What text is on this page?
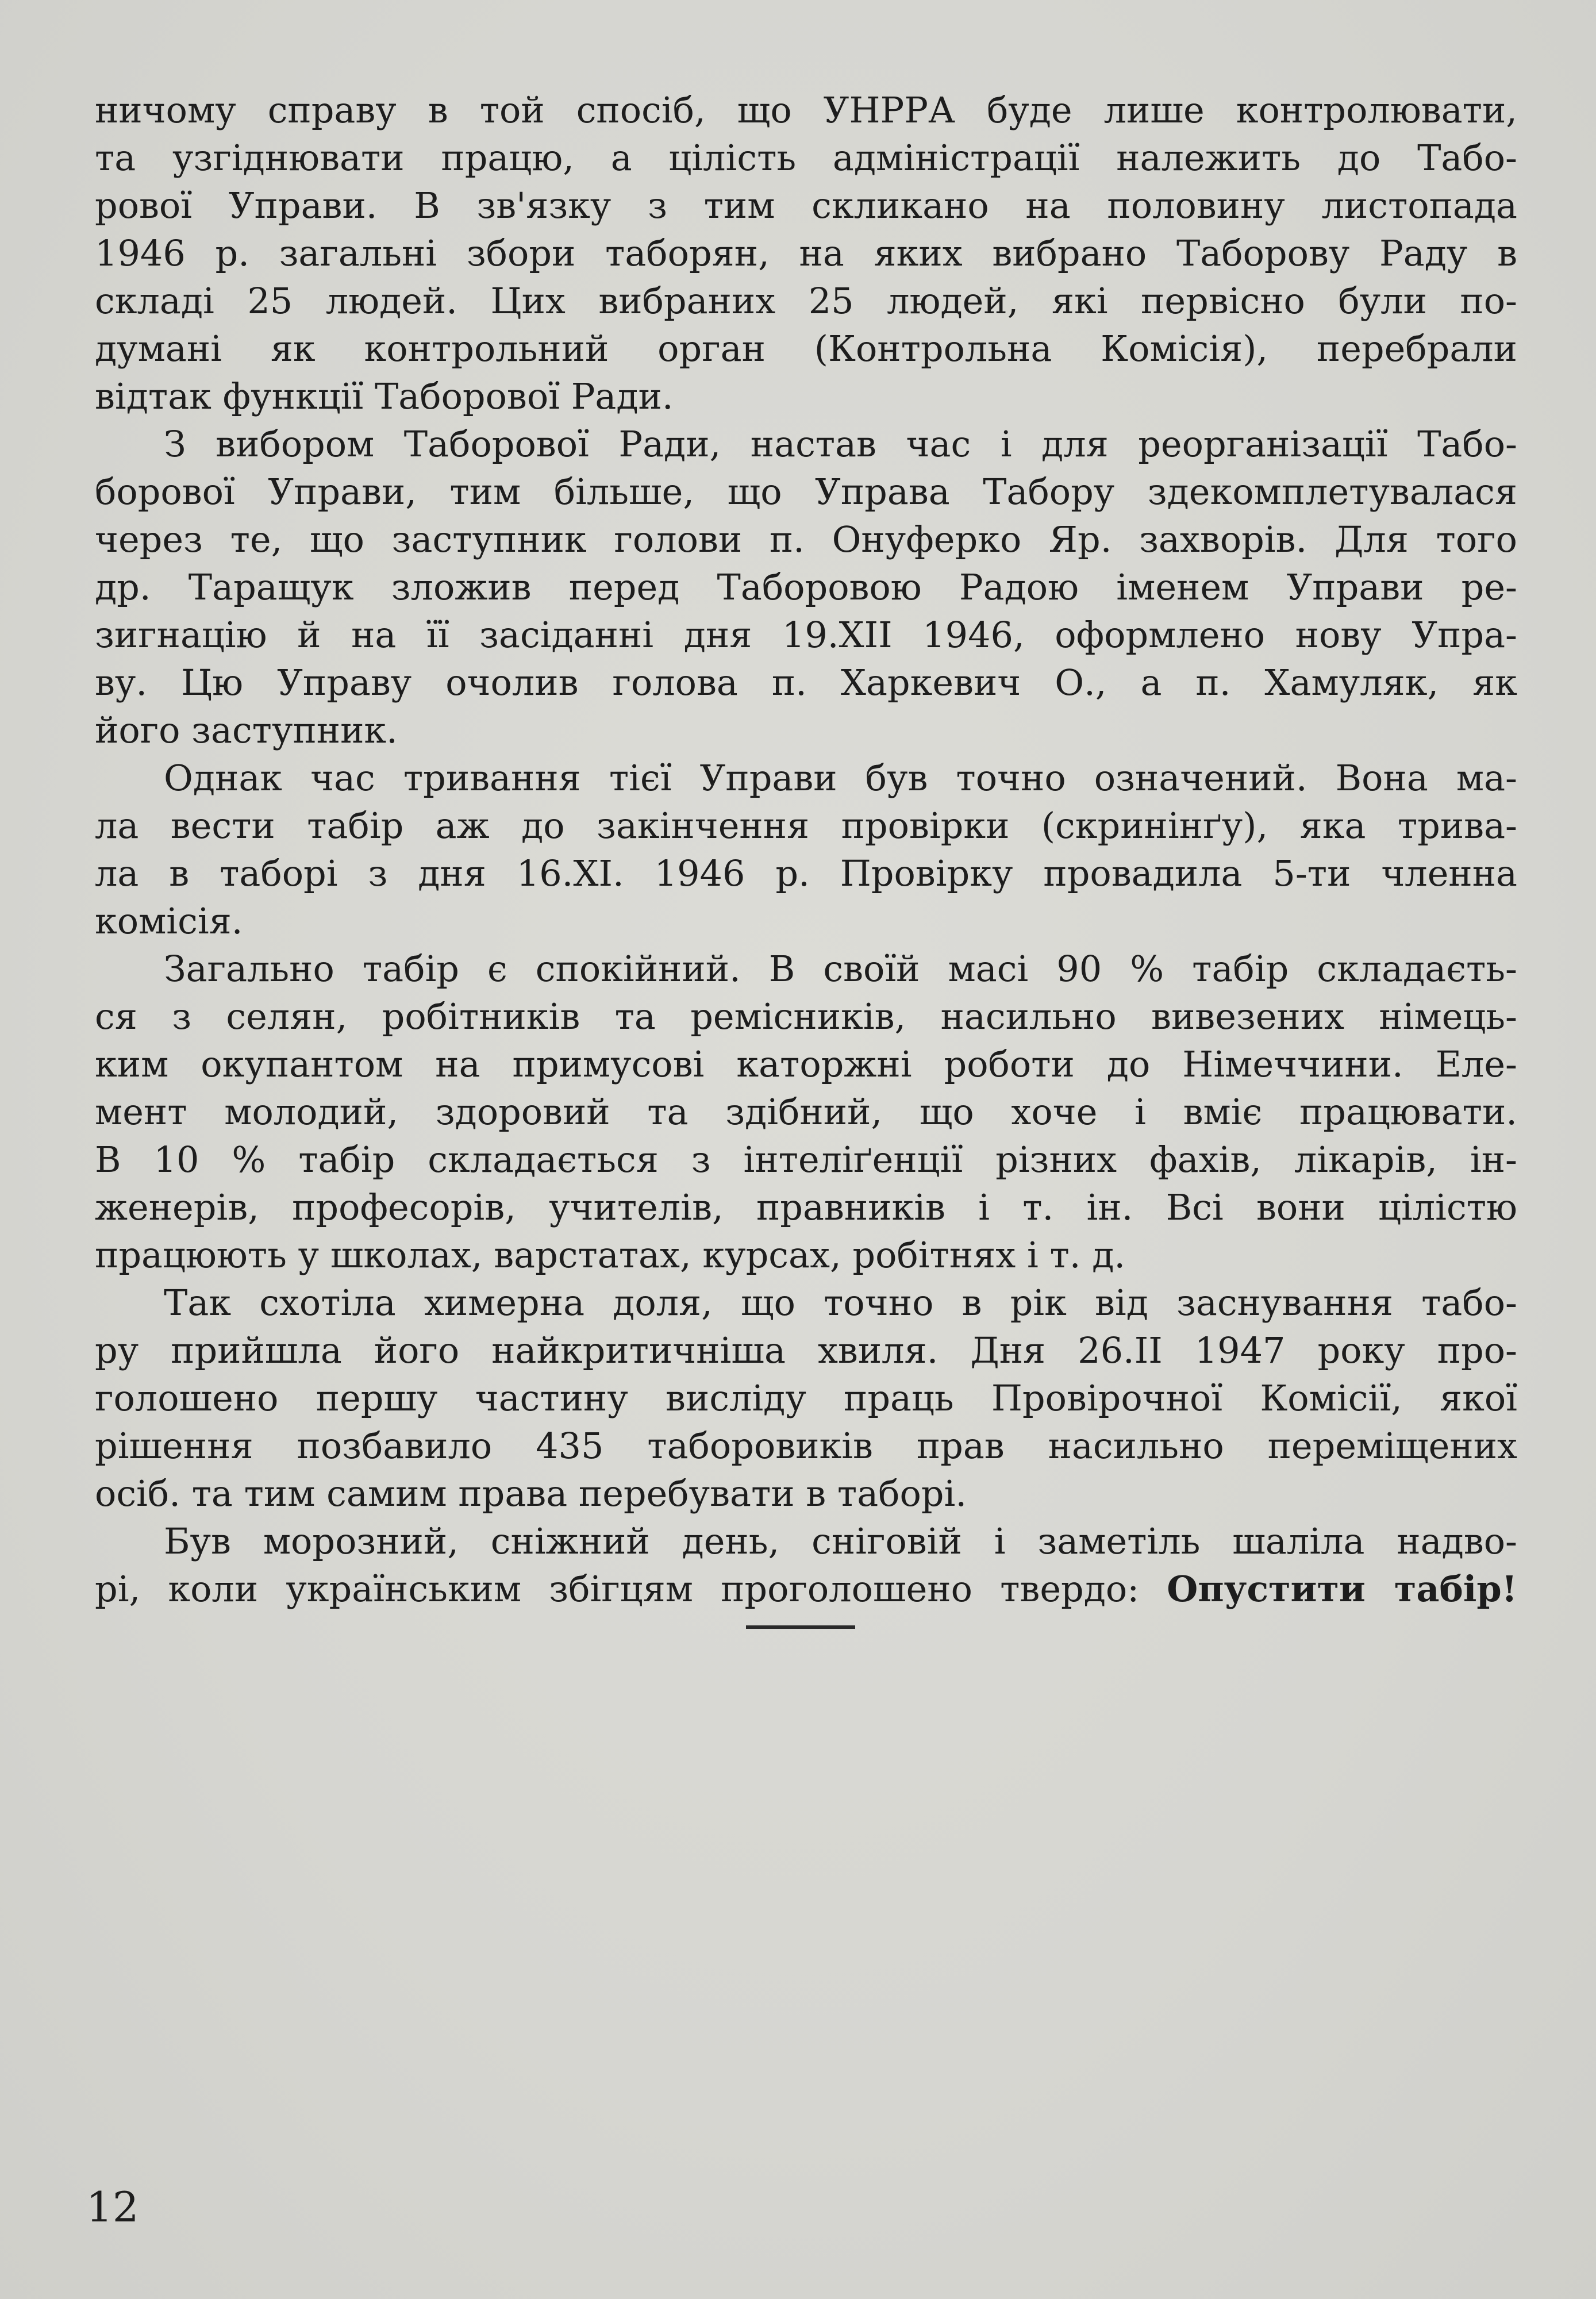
ничому справу в той спосіб, що УНРРА буде лише контролювати,
та узгіднювати працю, а цілість адміністрації належить до Табо-
рової Управи. В зв'язку з тим скликано на половину листопада
1946 р. загальні збори таборян, на яких вибрано Таборову Раду в
складі 25 людей. Цих вибраних 25 людей, які первісно були по-
думані як контрольний орган (Контрольна Комісія), перебрали
відтак функції Таборової Ради.
З вибором Таборової Ради, настав час і для реорганізації Табо-
борової Управи, тим більше, що Управа Табору здекомплетувалася
через те, що заступник голови п. Онуферко Яр. захворів. Для того
др. Таращук зложив перед Таборовою Радою іменем Управи ре-
зигнацію й на її засіданні дня 19.XII 1946, оформлено нову Упра-
ву. Цю Управу очолив голова п. Харкевич О., а п. Хамуляк, як
його заступник.
Однак час тривання тієї Управи був точно означений. Вона ма-
ла вести табір аж до закінчення провірки (скринінґу), яка трива-
ла в таборі з дня 16.XI. 1946 р. Провірку провадила 5-ти членна
комісія.
Загально табір є спокійний. В своїй масі 90 % табір складаєть-
ся з селян, робітників та ремісників, насильно вивезених німець-
ким окупантом на примусові каторжні роботи до Німеччини. Еле-
мент молодий, здоровий та здібний, що хоче і вміє працювати.
В 10 % табір складається з інтеліґенції різних фахів, лікарів, ін-
женерів, професорів, учителів, правників і т. ін. Всі вони цілістю
працюють у школах, варстатах, курсах, робітнях і т. д.
Так схотіла химерна доля, що точно в рік від заснування табо-
ру прийшла його найкритичніша хвиля. Дня 26.II 1947 року про-
голошено першу частину висліду праць Провірочної Комісії, якої
рішення позбавило 435 таборовиків прав насильно переміщених
осіб. та тим самим права перебувати в таборі.
Був морозний, сніжний день, сніговій і заметіль шаліла надво-
рі, коли українським збігцям проголошено твердо: Опустити табір!
12
